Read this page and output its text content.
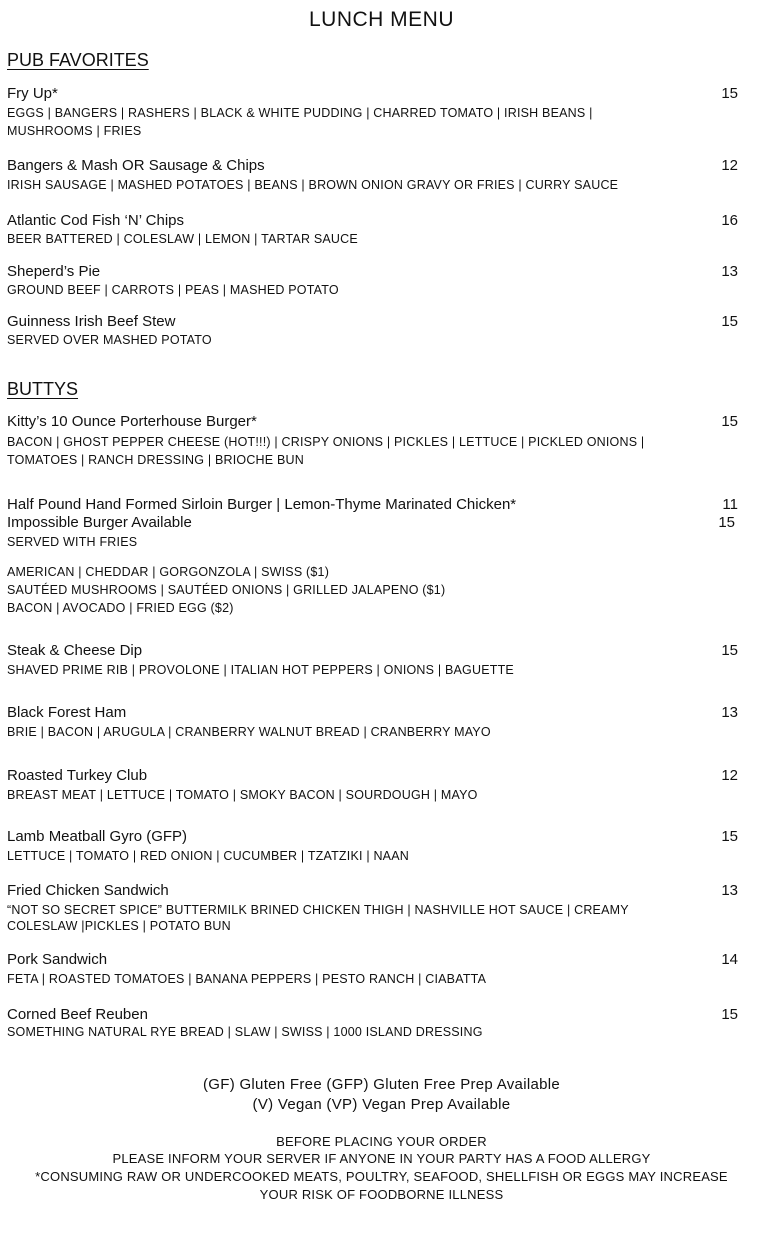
LUNCH MENU
PUB FAVORITES
Fry Up*	15
EGGS | BANGERS | RASHERS | BLACK & WHITE PUDDING | CHARRED TOMATO | IRISH BEANS |
MUSHROOMS | FRIES
Bangers & Mash OR Sausage & Chips	12
IRISH SAUSAGE | MASHED POTATOES | BEANS | BROWN ONION GRAVY OR FRIES | CURRY SAUCE
Atlantic Cod Fish ‘N’ Chips	16
BEER BATTERED | COLESLAW | LEMON | TARTAR SAUCE
Sheperd’s Pie	13
GROUND BEEF | CARROTS | PEAS | MASHED POTATO
Guinness Irish Beef Stew	15
SERVED OVER MASHED POTATO
BUTTYS
Kitty’s 10 Ounce Porterhouse Burger*	15
BACON | GHOST PEPPER CHEESE (HOT!!!) | CRISPY ONIONS | PICKLES | LETTUCE | PICKLED ONIONS |
TOMATOES | RANCH DRESSING | BRIOCHE BUN
Half Pound Hand Formed Sirloin Burger | Lemon-Thyme Marinated Chicken*	11
Impossible Burger Available	15
SERVED WITH FRIES
AMERICAN | CHEDDAR | GORGONZOLA | SWISS ($1)
SAUTÉED MUSHROOMS | SAUTÉED ONIONS | GRILLED JALAPENO ($1)
BACON | AVOCADO | FRIED EGG ($2)
Steak & Cheese Dip	15
SHAVED PRIME RIB | PROVOLONE | ITALIAN HOT PEPPERS | ONIONS | BAGUETTE
Black Forest Ham	13
BRIE | BACON | ARUGULA | CRANBERRY WALNUT BREAD | CRANBERRY MAYO
Roasted Turkey Club	12
BREAST MEAT | LETTUCE | TOMATO | SMOKY BACON | SOURDOUGH | MAYO
Lamb Meatball Gyro (GFP)	15
LETTUCE | TOMATO | RED ONION | CUCUMBER | TZATZIKI | NAAN
Fried Chicken Sandwich	13
“NOT SO SECRET SPICE” BUTTERMILK BRINED CHICKEN THIGH | NASHVILLE HOT SAUCE | CREAMY
COLESLAW |PICKLES | POTATO BUN
Pork Sandwich	14
FETA | ROASTED TOMATOES | BANANA PEPPERS | PESTO RANCH | CIABATTA
Corned Beef Reuben	15
SOMETHING NATURAL RYE BREAD | SLAW | SWISS | 1000 ISLAND DRESSING
(GF) Gluten Free (GFP) Gluten Free Prep Available
(V) Vegan (VP) Vegan Prep Available
BEFORE PLACING YOUR ORDER
PLEASE INFORM YOUR SERVER IF ANYONE IN YOUR PARTY HAS A FOOD ALLERGY
*CONSUMING RAW OR UNDERCOOKED MEATS, POULTRY, SEAFOOD, SHELLFISH OR EGGS MAY INCREASE
YOUR RISK OF FOODBORNE ILLNESS
